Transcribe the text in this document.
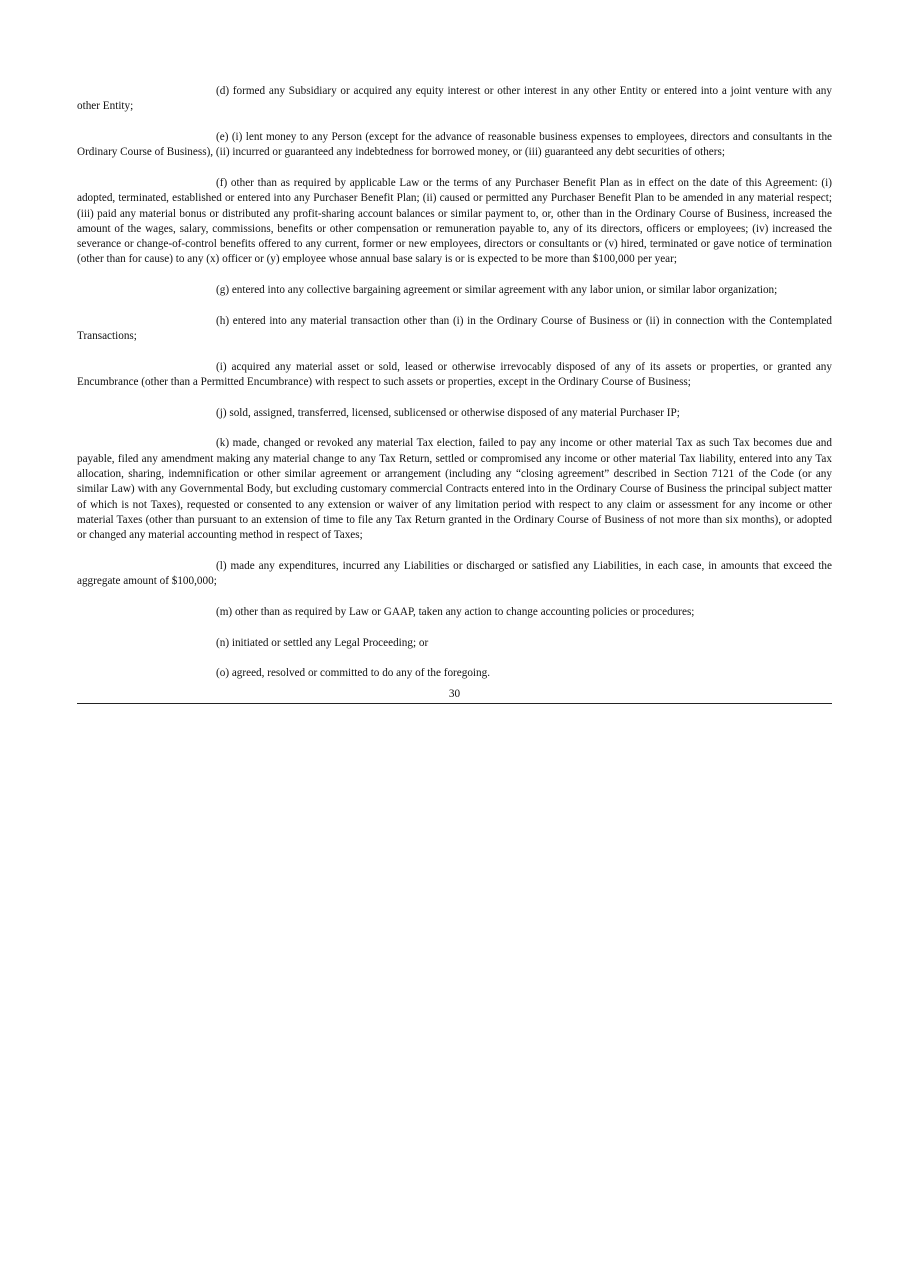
(d) formed any Subsidiary or acquired any equity interest or other interest in any other Entity or entered into a joint venture with any other Entity;

(e) (i) lent money to any Person (except for the advance of reasonable business expenses to employees, directors and consultants in the Ordinary Course of Business), (ii) incurred or guaranteed any indebtedness for borrowed money, or (iii) guaranteed any debt securities of others;

(f) other than as required by applicable Law or the terms of any Purchaser Benefit Plan as in effect on the date of this Agreement: (i) adopted, terminated, established or entered into any Purchaser Benefit Plan; (ii) caused or permitted any Purchaser Benefit Plan to be amended in any material respect; (iii) paid any material bonus or distributed any profit-sharing account balances or similar payment to, or, other than in the Ordinary Course of Business, increased the amount of the wages, salary, commissions, benefits or other compensation or remuneration payable to, any of its directors, officers or employees; (iv) increased the severance or change-of-control benefits offered to any current, former or new employees, directors or consultants or (v) hired, terminated or gave notice of termination (other than for cause) to any (x) officer or (y) employee whose annual base salary is or is expected to be more than $100,000 per year;

(g) entered into any collective bargaining agreement or similar agreement with any labor union, or similar labor organization;

(h) entered into any material transaction other than (i) in the Ordinary Course of Business or (ii) in connection with the Contemplated Transactions;

(i) acquired any material asset or sold, leased or otherwise irrevocably disposed of any of its assets or properties, or granted any Encumbrance (other than a Permitted Encumbrance) with respect to such assets or properties, except in the Ordinary Course of Business;

(j) sold, assigned, transferred, licensed, sublicensed or otherwise disposed of any material Purchaser IP;

(k) made, changed or revoked any material Tax election, failed to pay any income or other material Tax as such Tax becomes due and payable, filed any amendment making any material change to any Tax Return, settled or compromised any income or other material Tax liability, entered into any Tax allocation, sharing, indemnification or other similar agreement or arrangement (including any “closing agreement” described in Section 7121 of the Code (or any similar Law) with any Governmental Body, but excluding customary commercial Contracts entered into in the Ordinary Course of Business the principal subject matter of which is not Taxes), requested or consented to any extension or waiver of any limitation period with respect to any claim or assessment for any income or other material Taxes (other than pursuant to an extension of time to file any Tax Return granted in the Ordinary Course of Business of not more than six months), or adopted or changed any material accounting method in respect of Taxes;

(l) made any expenditures, incurred any Liabilities or discharged or satisfied any Liabilities, in each case, in amounts that exceed the aggregate amount of $100,000;

(m) other than as required by Law or GAAP, taken any action to change accounting policies or procedures;

(n) initiated or settled any Legal Proceeding; or

(o) agreed, resolved or committed to do any of the foregoing.

30
